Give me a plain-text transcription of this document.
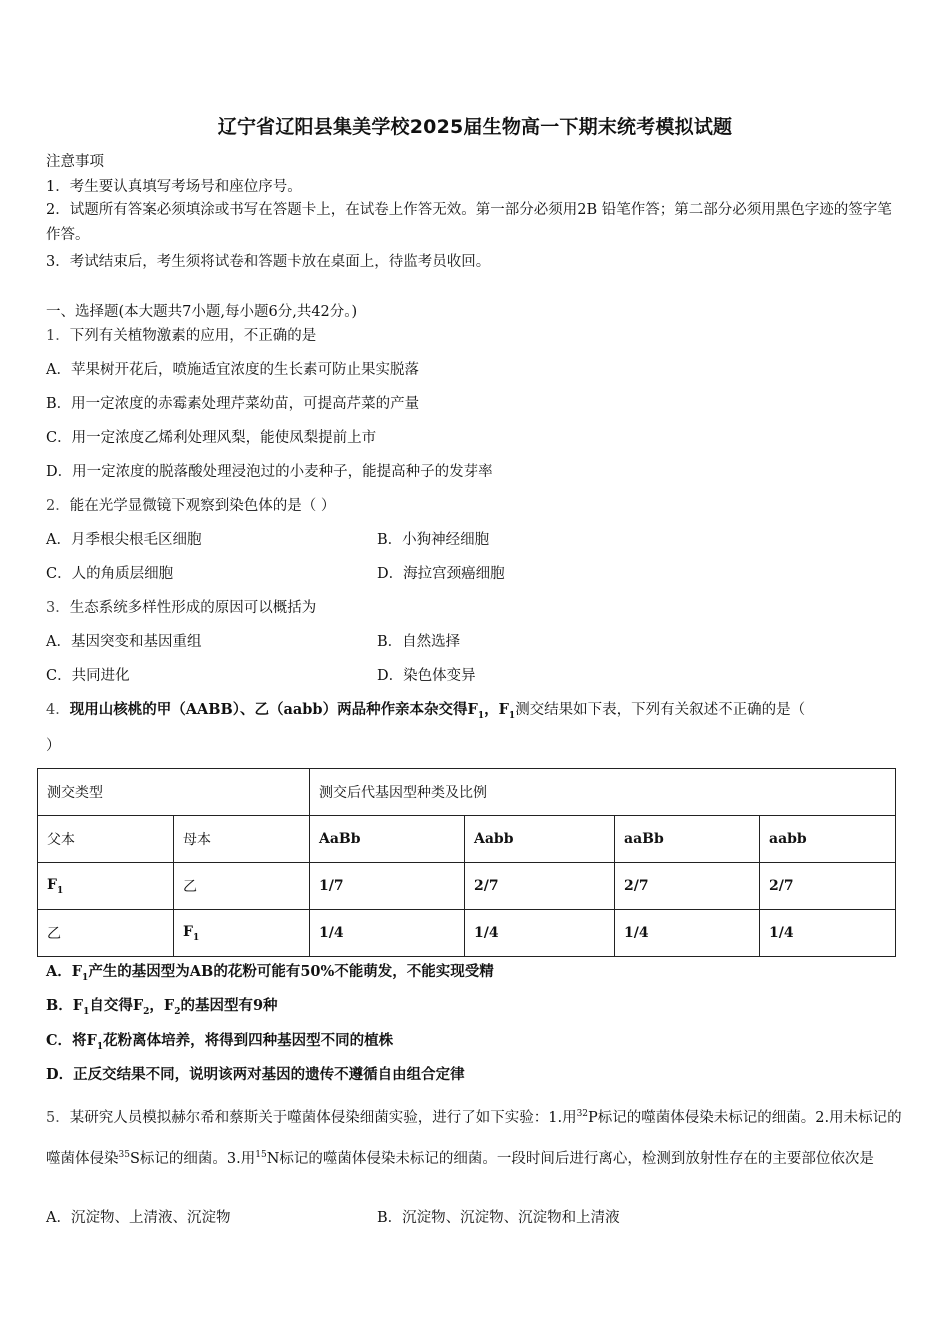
辽宁省辽阳县集美学校2025届生物高一下期末统考模拟试题
注意事项
1．考生要认真填写考场号和座位序号。
2．试题所有答案必须填涂或书写在答题卡上，在试卷上作答无效。第一部分必须用2B 铅笔作答；第二部分必须用黑色字迹的签字笔作答。
3．考试结束后，考生须将试卷和答题卡放在桌面上，待监考员收回。
一、选择题(本大题共7小题,每小题6分,共42分。)
1．下列有关植物激素的应用，不正确的是
A．苹果树开花后，喷施适宜浓度的生长素可防止果实脱落
B．用一定浓度的赤霉素处理芹菜幼苗，可提高芹菜的产量
C．用一定浓度乙烯利处理风梨，能使凤梨提前上市
D．用一定浓度的脱落酸处理浸泡过的小麦种子，能提高种子的发芽率
2．能在光学显微镜下观察到染色体的是（ ）
A．月季根尖根毛区细胞	B．小狗神经细胞
C．人的角质层细胞	D．海拉宫颈癌细胞
3．生态系统多样性形成的原因可以概括为
A．基因突变和基因重组	B．自然选择
C．共同进化	D．染色体变异
4．现用山核桃的甲（AABB）、乙（aabb）两品种作亲本杂交得$F_1$，$F_1$测交结果如下表，下列有关叙述不正确的是（
）
测交类型		测交后代基因型种类及比例			
父本	母本	AaBb	Aabb	aaBb	aabb
$F_1$	乙	1/7	2/7	2/7	2/7
乙	$F_1$	1/4	1/4	1/4	1/4
A．$F_1$产生的基因型为AB的花粉可能有50%不能萌发，不能实现受精
B．$F_1$自交得$F_2$，$F_2$的基因型有9种
C．将$F_1$花粉离体培养，将得到四种基因型不同的植株
D．正反交结果不同，说明该两对基因的遗传不遵循自由组合定律
5．某研究人员模拟赫尔希和蔡斯关于噬菌体侵染细菌实验，进行了如下实验：1.用$^{32}$P标记的噬菌体侵染未标记的细菌。2.用未标记的噬菌体侵染$^{35}$S标记的细菌。3.用$^{15}$N标记的噬菌体侵染未标记的细菌。一段时间后进行离心，检测到放射性存在的主要部位依次是
A．沉淀物、上清液、沉淀物	B．沉淀物、沉淀物、沉淀物和上清液
